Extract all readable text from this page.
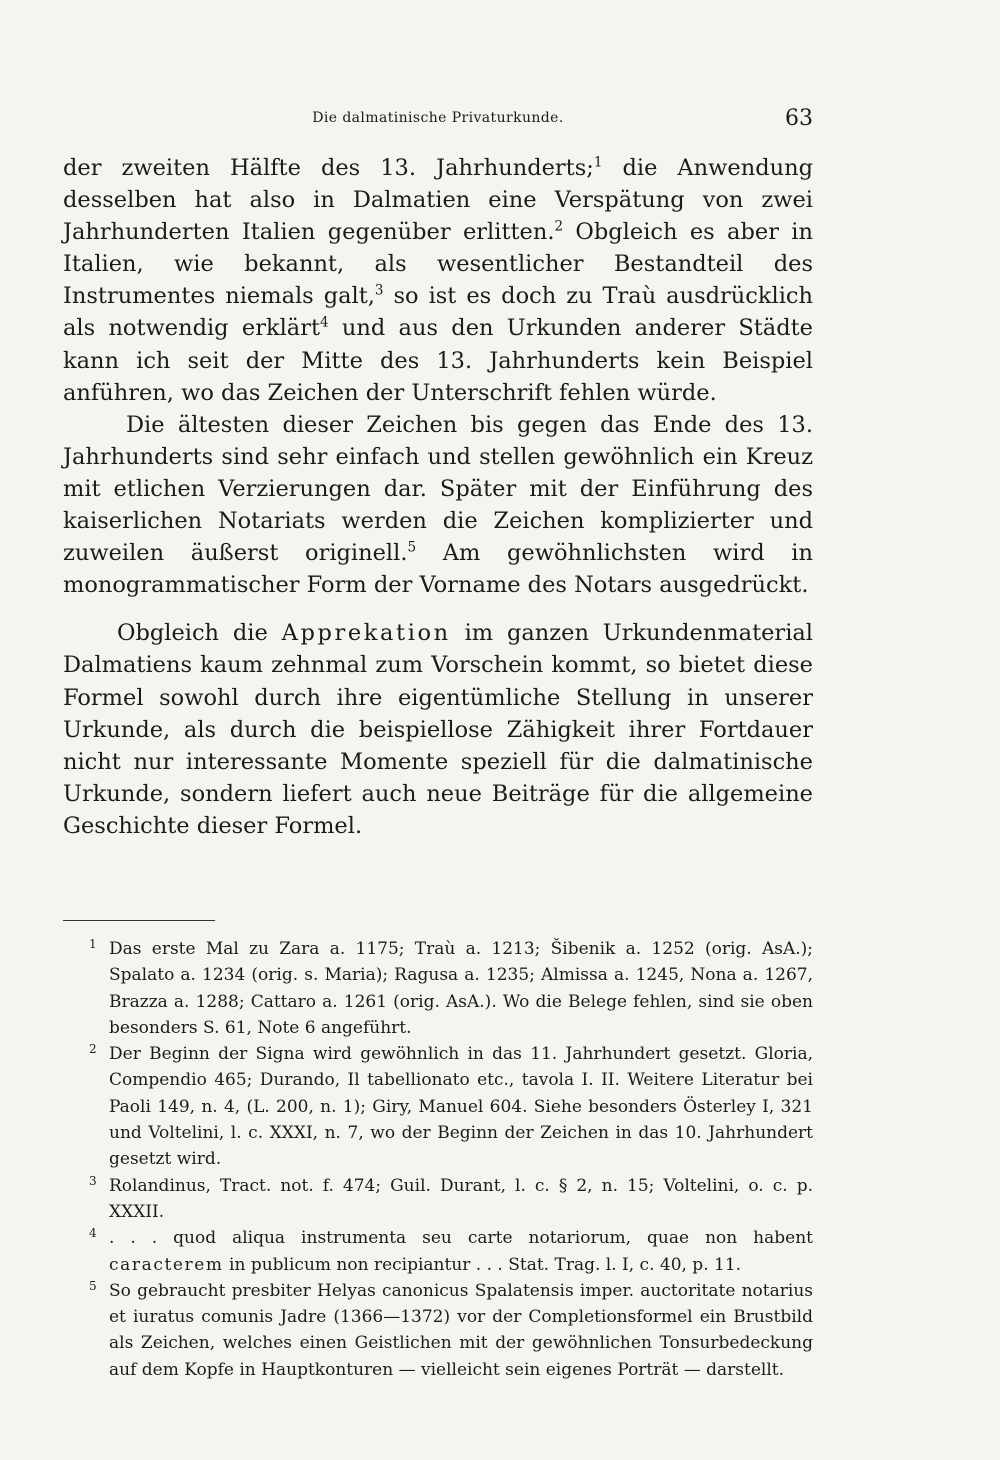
Die dalmatinische Privaturkunde.	63

der zweiten Hälfte des 13. Jahrhunderts;$^1$ die Anwendung desselben hat also in Dalmatien eine Verspätung von zwei Jahrhunderten Italien gegenüber erlitten.$^2$ Obgleich es aber in Italien, wie bekannt, als wesentlicher Bestandteil des Instrumentes niemals galt,$^3$ so ist es doch zu Traù ausdrücklich als notwendig erklärt$^4$ und aus den Urkunden anderer Städte kann ich seit der Mitte des 13. Jahrhunderts kein Beispiel anführen, wo das Zeichen der Unterschrift fehlen würde.

Die ältesten dieser Zeichen bis gegen das Ende des 13. Jahrhunderts sind sehr einfach und stellen gewöhnlich ein Kreuz mit etlichen Verzierungen dar. Später mit der Einführung des kaiserlichen Notariats werden die Zeichen komplizierter und zuweilen äußerst originell.$^5$ Am gewöhnlichsten wird in monogrammatischer Form der Vorname des Notars ausgedrückt.

Obgleich die Apprekation im ganzen Urkundenmaterial Dalmatiens kaum zehnmal zum Vorschein kommt, so bietet diese Formel sowohl durch ihre eigentümliche Stellung in unserer Urkunde, als durch die beispiellose Zähigkeit ihrer Fortdauer nicht nur interessante Momente speziell für die dalmatinische Urkunde, sondern liefert auch neue Beiträge für die allgemeine Geschichte dieser Formel.

1 Das erste Mal zu Zara a. 1175; Traù a. 1213; Šibenik a. 1252 (orig. AsA.); Spalato a. 1234 (orig. s. Maria); Ragusa a. 1235; Almissa a. 1245, Nona a. 1267, Brazza a. 1288; Cattaro a. 1261 (orig. AsA.). Wo die Belege fehlen, sind sie oben besonders S. 61, Note 6 angeführt.

2 Der Beginn der Signa wird gewöhnlich in das 11. Jahrhundert gesetzt. Gloria, Compendio 465; Durando, Il tabellionato etc., tavola I. II. Weitere Literatur bei Paoli 149, n. 4, (L. 200, n. 1); Giry, Manuel 604. Siehe besonders Österley I, 321 und Voltelini, l. c. XXXI, n. 7, wo der Beginn der Zeichen in das 10. Jahrhundert gesetzt wird.

3 Rolandinus, Tract. not. f. 474; Guil. Durant, l. c. § 2, n. 15; Voltelini, o. c. p. XXXII.

4 . . . quod aliqua instrumenta seu carte notariorum, quae non habent caracterem in publicum non recipiantur . . . Stat. Trag. l. I, c. 40, p. 11.

5 So gebraucht presbiter Helyas canonicus Spalatensis imper. auctoritate notarius et iuratus comunis Jadre (1366—1372) vor der Completionsformel ein Brustbild als Zeichen, welches einen Geistlichen mit der gewöhnlichen Tonsurbedeckung auf dem Kopfe in Hauptkonturen — vielleicht sein eigenes Porträt — darstellt.
